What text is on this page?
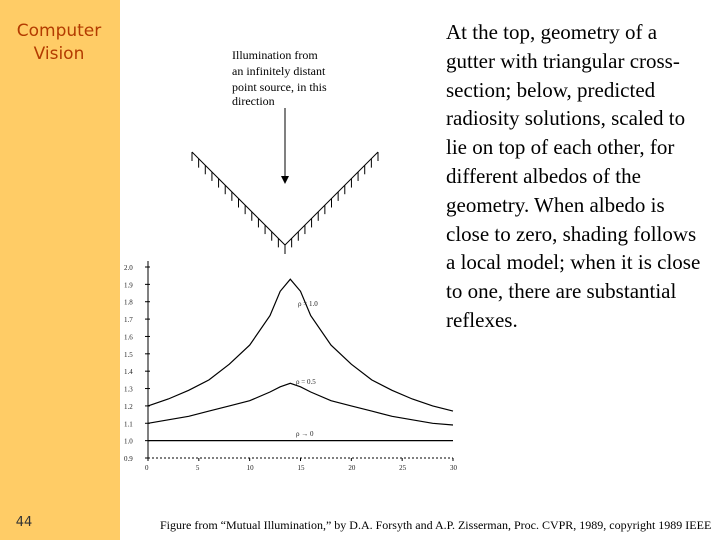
Computer
Vision
44
Illumination from
an infinitely distant
point source, in this
direction
0.9
1.0
1.1
1.2
1.3
1.4
1.5
1.6
1.7
1.8
1.9
2.0
0	5	10	15	20	25	30
ρ = 1.0
ρ = 0.5
ρ → 0
At the top, geometry of a gutter with triangular cross-section; below, predicted radiosity solutions, scaled to lie on top of each other, for different albedos of the geometry. When albedo is close to zero, shading follows a local model; when it is close to one, there are substantial reflexes.
Figure from “Mutual Illumination,” by D.A. Forsyth and A.P. Zisserman, Proc. CVPR, 1989, copyright 1989 IEEE
